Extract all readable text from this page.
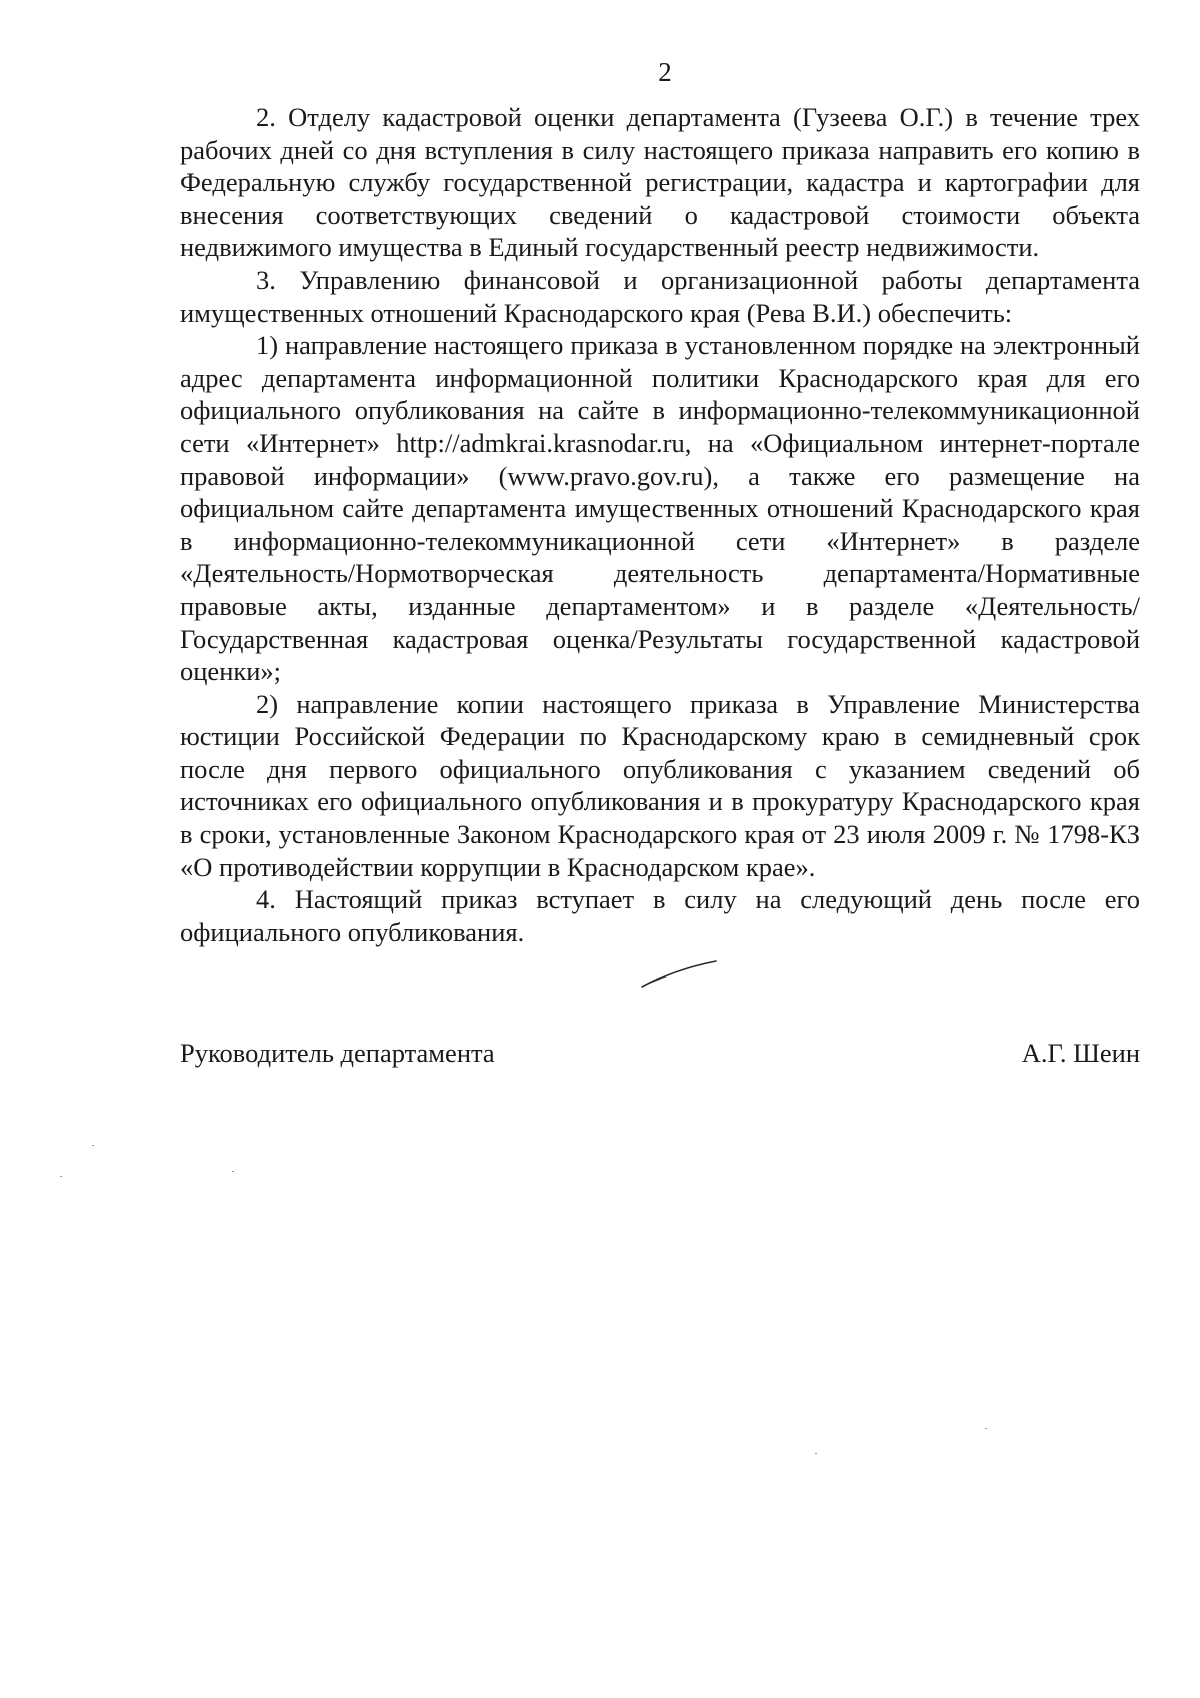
2

2. Отделу кадастровой оценки департамента (Гузеева О.Г.) в течение трех рабочих дней со дня вступления в силу настоящего приказа направить его копию в Федеральную службу государственной регистрации, кадастра и картографии для внесения соответствующих сведений о кадастровой стоимости объекта недвижимого имущества в Единый государственный реестр недвижимости.

3. Управлению финансовой и организационной работы департамента имущественных отношений Краснодарского края (Рева В.И.) обеспечить:

1) направление настоящего приказа в установленном порядке на электронный адрес департамента информационной политики Краснодарского края для его официального опубликования на сайте в информационно-телекоммуникационной сети «Интернет» http://admkrai.krasnodar.ru, на «Официальном интернет-портале правовой информации» (www.pravo.gov.ru), а также его размещение на официальном сайте департамента имущественных отношений Краснодарского края в информационно-телекоммуникационной сети «Интернет» в разделе «Деятельность/Нормотворческая деятельность департамента/Нормативные правовые акты, изданные департаментом» и в разделе «Деятельность/Государственная кадастровая оценка/Результаты государственной кадастровой оценки»;

2) направление копии настоящего приказа в Управление Министерства юстиции Российской Федерации по Краснодарскому краю в семидневный срок после дня первого официального опубликования с указанием сведений об источниках его официального опубликования и в прокуратуру Краснодарского края в сроки, установленные Законом Краснодарского края от 23 июля 2009 г. № 1798-КЗ «О противодействии коррупции в Краснодарском крае».

4. Настоящий приказ вступает в силу на следующий день после его официального опубликования.

Руководитель департамента	А.Г. Шеин
